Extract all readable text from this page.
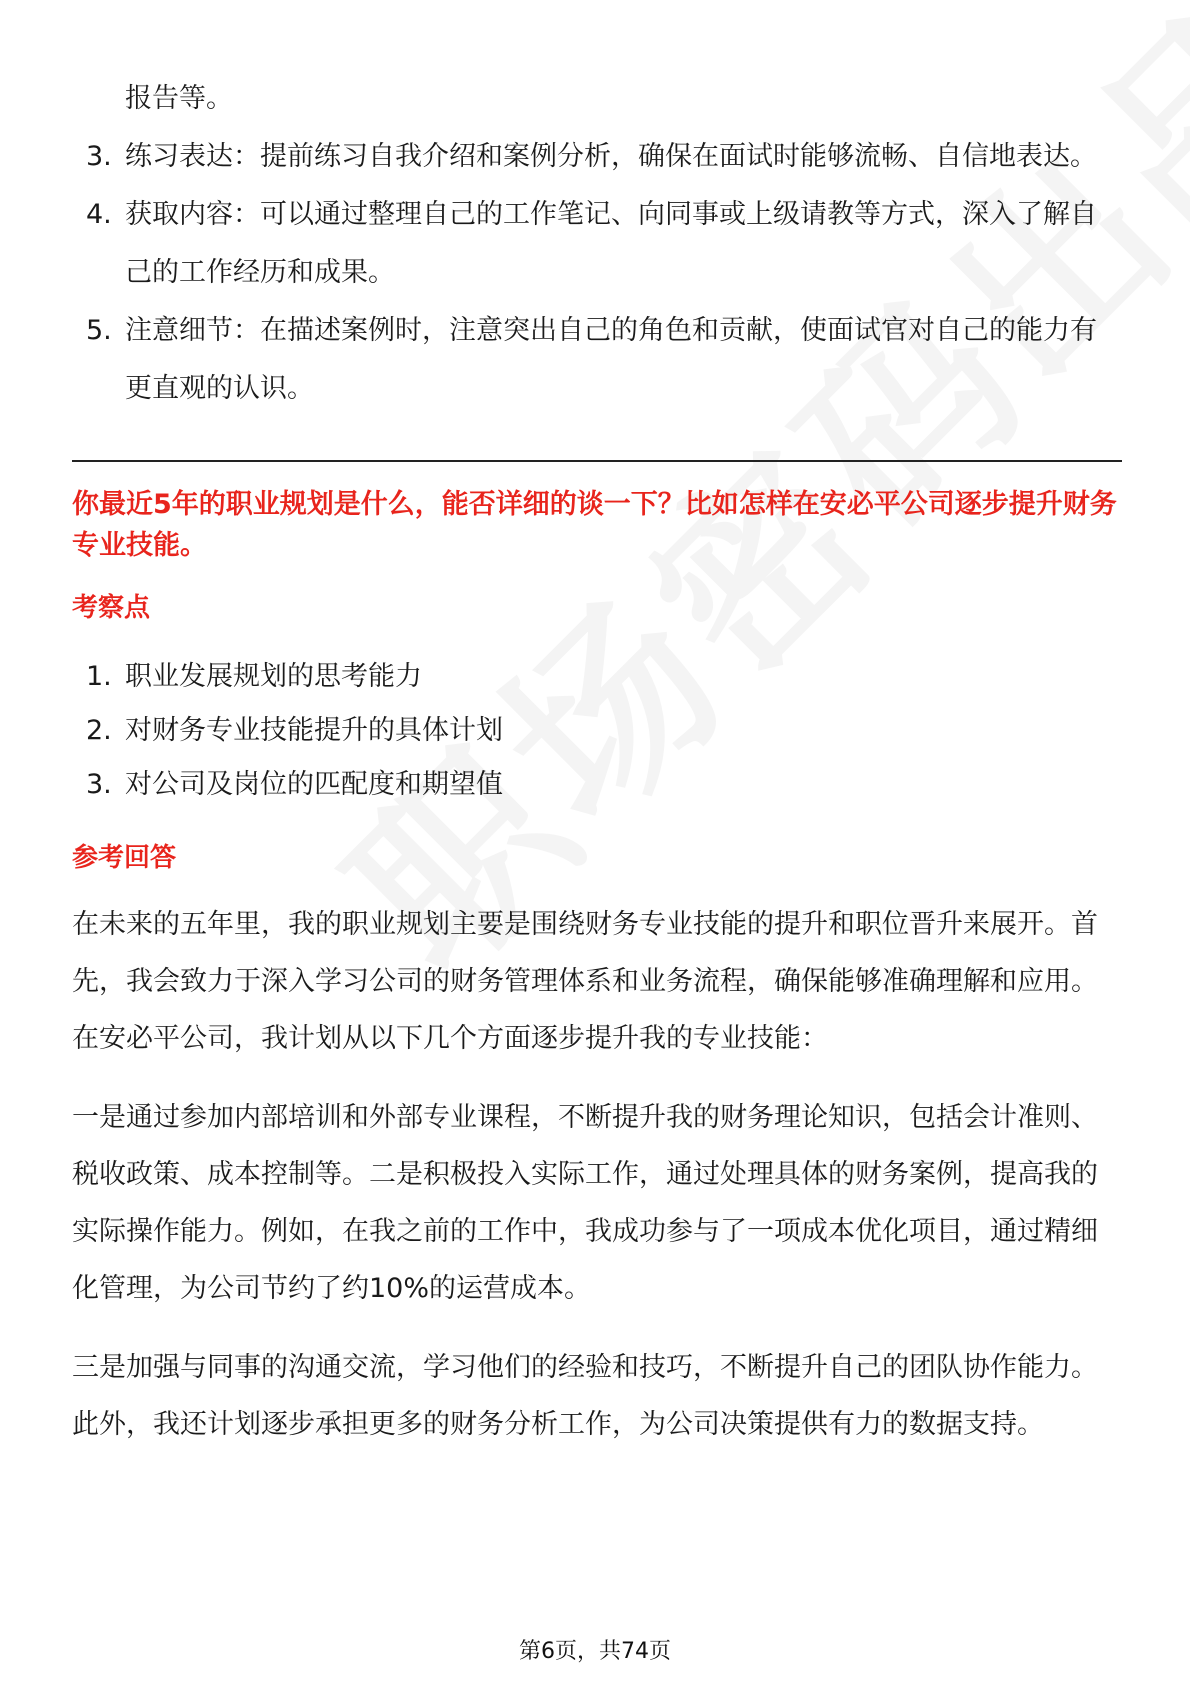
报告等。
3. 练习表达：提前练习自我介绍和案例分析，确保在面试时能够流畅、自信地表达。
4. 获取内容：可以通过整理自己的工作笔记、向同事或上级请教等方式，深入了解自己的工作经历和成果。
5. 注意细节：在描述案例时，注意突出自己的角色和贡献，使面试官对自己的能力有更直观的认识。
你最近5年的职业规划是什么，能否详细的谈一下？比如怎样在安必平公司逐步提升财务专业技能。
考察点
1. 职业发展规划的思考能力
2. 对财务专业技能提升的具体计划
3. 对公司及岗位的匹配度和期望值
参考回答
在未来的五年里，我的职业规划主要是围绕财务专业技能的提升和职位晋升来展开。首先，我会致力于深入学习公司的财务管理体系和业务流程，确保能够准确理解和应用。在安必平公司，我计划从以下几个方面逐步提升我的专业技能：
一是通过参加内部培训和外部专业课程，不断提升我的财务理论知识，包括会计准则、税收政策、成本控制等。二是积极投入实际工作，通过处理具体的财务案例，提高我的实际操作能力。例如，在我之前的工作中，我成功参与了一项成本优化项目，通过精细化管理，为公司节约了约10%的运营成本。
三是加强与同事的沟通交流，学习他们的经验和技巧，不断提升自己的团队协作能力。此外，我还计划逐步承担更多的财务分析工作，为公司决策提供有力的数据支持。
第6页，共74页
